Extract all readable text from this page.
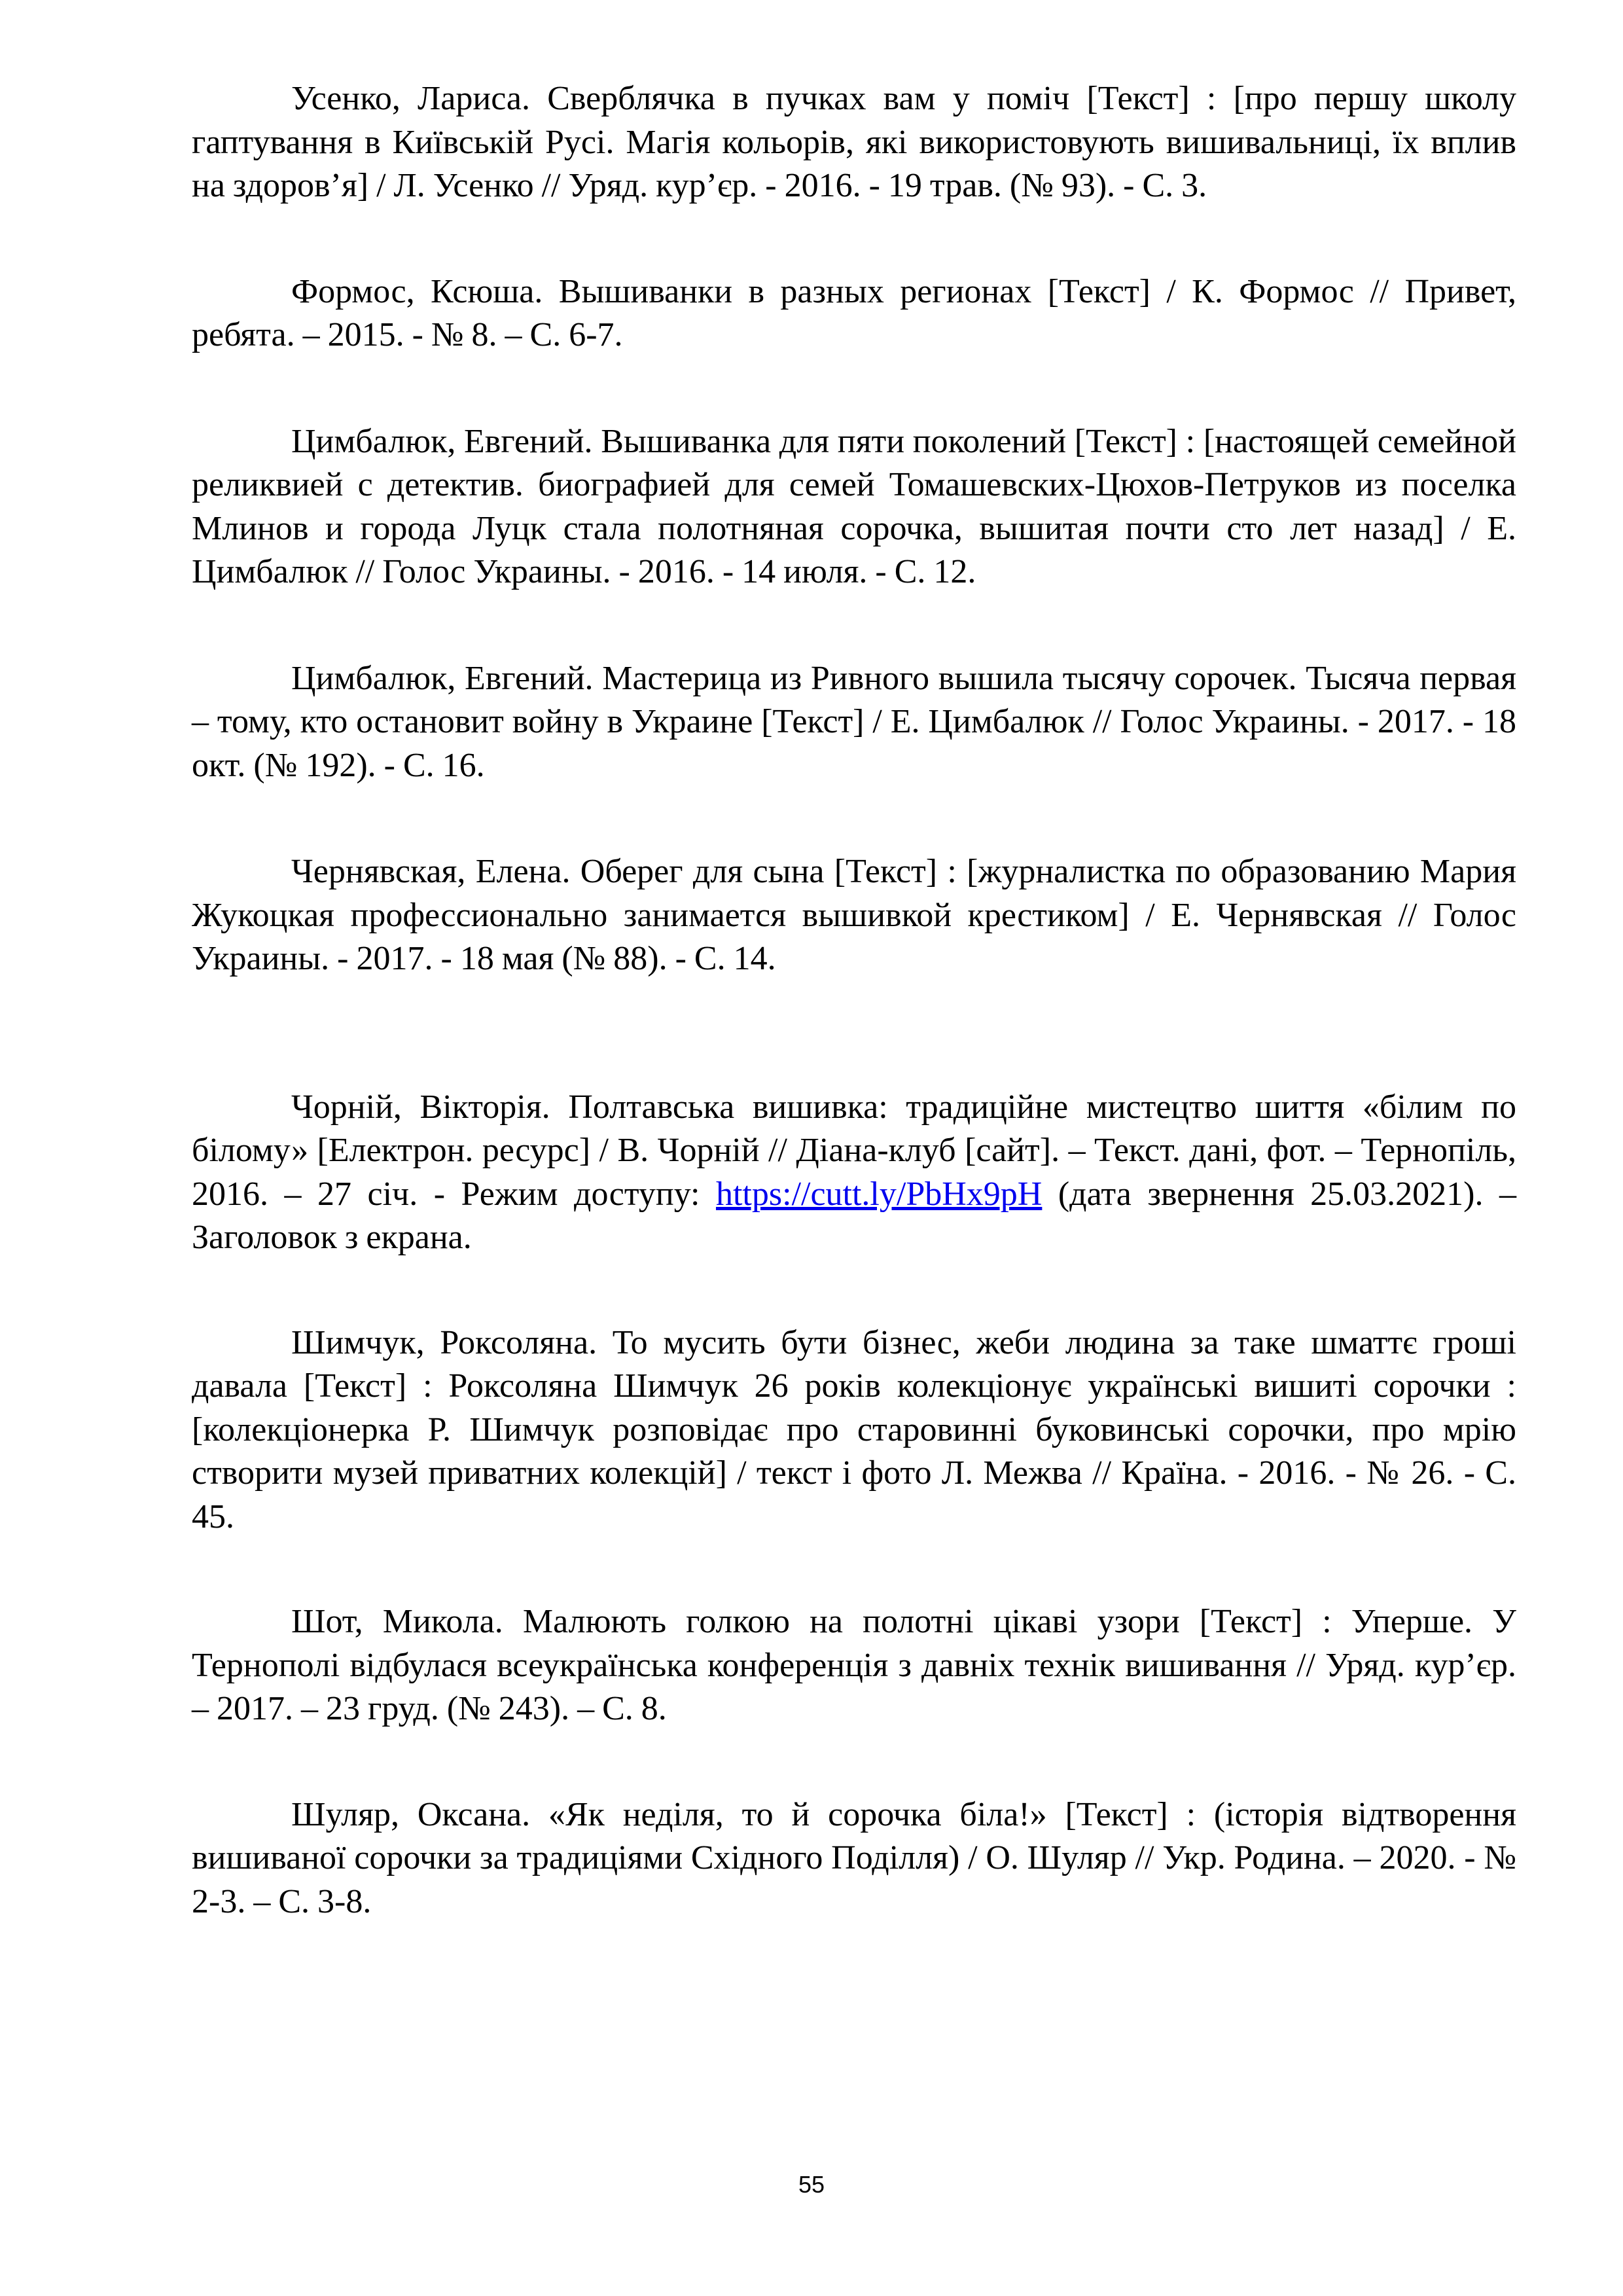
Усенко, Лариса. Сверблячка в пучках вам у поміч [Текст] : [про першу школу гаптування в Київській Русі. Магія кольорів, які використовують вишивальниці, їх вплив на здоров’я] / Л. Усенко // Уряд. кур’єр. - 2016. - 19 трав. (№ 93). - С. 3.

Формос, Ксюша. Вышиванки в разных регионах [Текст] / К. Формос // Привет, ребята. – 2015. - № 8. – С. 6-7.

Цимбалюк, Евгений. Вышиванка для пяти поколений [Текст] : [настоящей семейной реликвией с детектив. биографией для семей Томашевских-Цюхов-Петруков из поселка Млинов и города Луцк стала полотняная сорочка, вышитая почти сто лет назад] / Е. Цимбалюк // Голос Украины. - 2016. - 14 июля. - С. 12.

Цимбалюк, Евгений. Мастерица из Ривного вышила тысячу сорочек. Тысяча первая – тому, кто остановит войну в Украине [Текст] / Е. Цимбалюк // Голос Украины. - 2017. - 18 окт. (№ 192). - С. 16.

Чернявская, Елена. Оберег для сына [Текст] : [журналистка по образованию Мария Жукоцкая профессионально занимается вышивкой крестиком] / Е. Чернявская // Голос Украины. - 2017. - 18 мая (№ 88). - С. 14.

Чорній, Вікторія. Полтавська вишивка: традиційне мистецтво шиття «білим по білому» [Електрон. ресурс] / В. Чорній // Діана-клуб [сайт]. – Текст. дані, фот. – Тернопіль, 2016. – 27 січ. - Режим доступу: https://cutt.ly/PbHx9pH (дата звернення 25.03.2021). – Заголовок з екрана.

Шимчук, Роксоляна. То мусить бути бізнес, жеби людина за таке шматтє гроші давала [Текст] : Роксоляна Шимчук 26 років колекціонує українські вишиті сорочки : [колекціонерка Р. Шимчук розповідає про старовинні буковинські сорочки, про мрію створити музей приватних колекцій] / текст і фото Л. Межва // Країна. - 2016. - № 26. - С. 45.

Шот, Микола. Малюють голкою на полотні цікаві узори [Текст] : Уперше. У Тернополі відбулася всеукраїнська конференція з давніх технік вишивання // Уряд. кур’єр. – 2017. – 23 груд. (№ 243). – С. 8.

Шуляр, Оксана. «Як неділя, то й сорочка біла!» [Текст] : (історія відтворення вишиваної сорочки за традиціями Східного Поділля) / О. Шуляр // Укр. Родина. – 2020. - № 2-3. – С. 3-8.

55
